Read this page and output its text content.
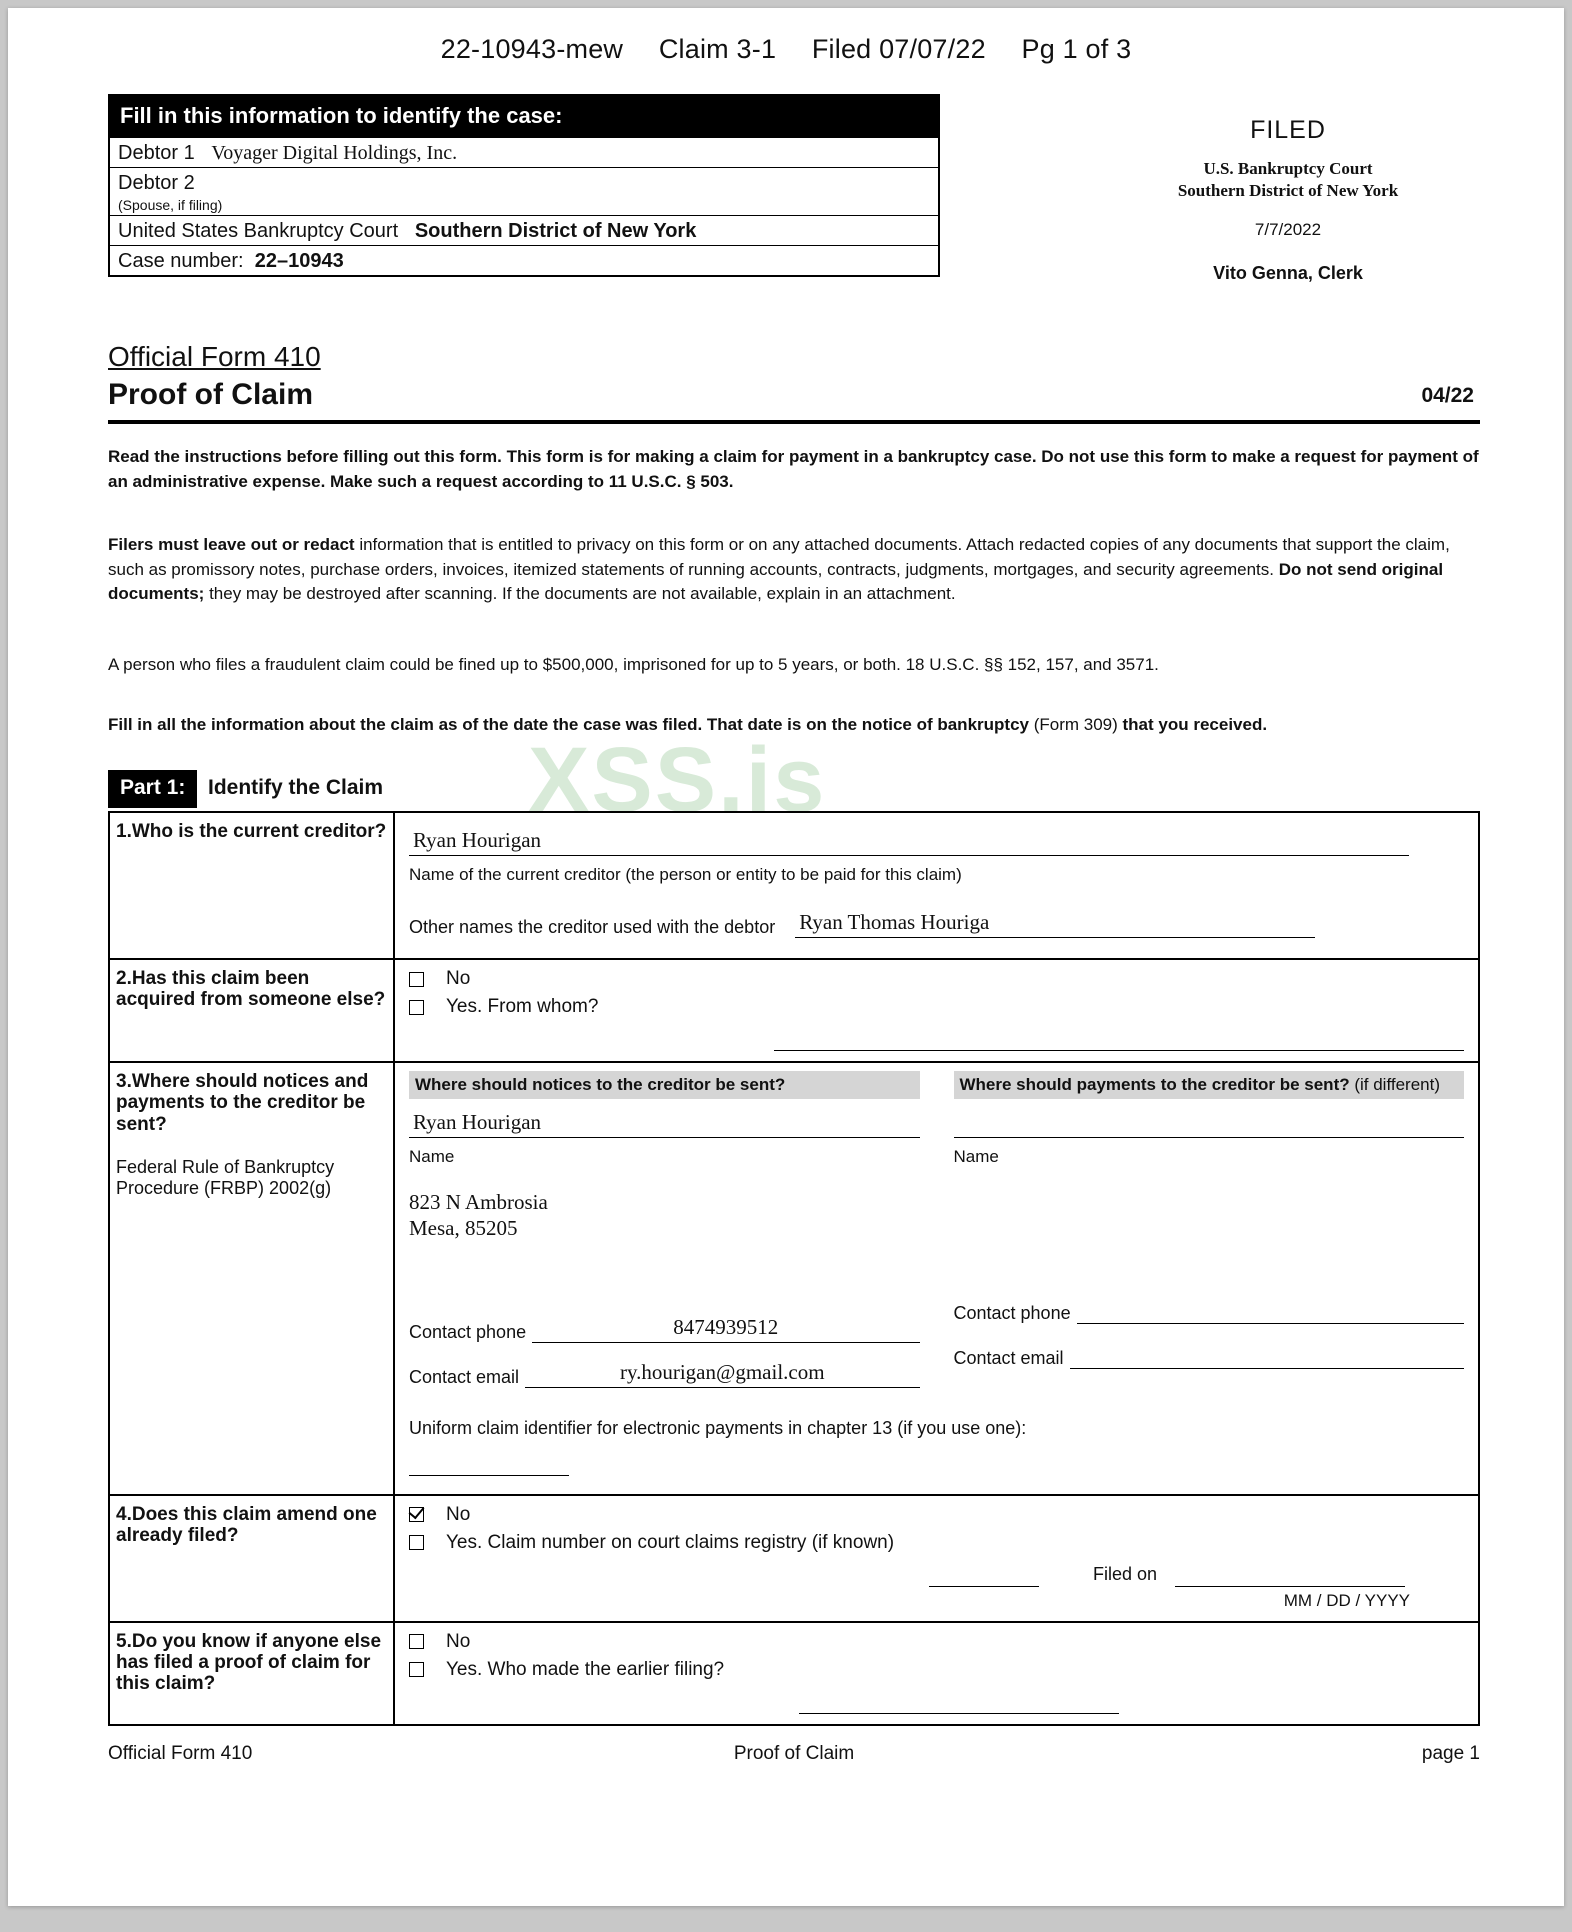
22-10943-mew Claim 3-1 Filed 07/07/22 Pg 1 of 3
Fill in this information to identify the case:
Debtor 1 Voyager Digital Holdings, Inc.
Debtor 2
(Spouse, if filing)
United States Bankruptcy Court Southern District of New York
Case number: 22–10943
FILED
U.S. Bankruptcy Court
Southern District of New York
7/7/2022
Vito Genna, Clerk
Official Form 410
Proof of Claim	04/22
Read the instructions before filling out this form. This form is for making a claim for payment in a bankruptcy case. Do not use this form to make a request for payment of an administrative expense. Make such a request according to 11 U.S.C. § 503.
Filers must leave out or redact information that is entitled to privacy on this form or on any attached documents. Attach redacted copies of any documents that support the claim, such as promissory notes, purchase orders, invoices, itemized statements of running accounts, contracts, judgments, mortgages, and security agreements. Do not send original documents; they may be destroyed after scanning. If the documents are not available, explain in an attachment.
A person who files a fraudulent claim could be fined up to $500,000, imprisoned for up to 5 years, or both. 18 U.S.C. §§ 152, 157, and 3571.
Fill in all the information about the claim as of the date the case was filed. That date is on the notice of bankruptcy (Form 309) that you received.
XSS.is
Part 1:	Identify the Claim
1.Who is the current creditor?	Ryan Hourigan
Name of the current creditor (the person or entity to be paid for this claim)
Other names the creditor used with the debtor Ryan Thomas Houriga
2.Has this claim been acquired from someone else?
No
Yes. From whom?
3.Where should notices and payments to the creditor be sent?
Federal Rule of Bankruptcy Procedure (FRBP) 2002(g)
Where should notices to the creditor be sent?
Ryan Hourigan
Name
823 N Ambrosia
Mesa, 85205
Contact phone	8474939512
Contact email	ry.hourigan@gmail.com
Where should payments to the creditor be sent? (if different)
Name
Contact phone
Contact email
Uniform claim identifier for electronic payments in chapter 13 (if you use one):
4.Does this claim amend one already filed?
No
Yes. Claim number on court claims registry (if known)
Filed on
MM / DD / YYYY
5.Do you know if anyone else has filed a proof of claim for this claim?
No
Yes. Who made the earlier filing?
Official Form 410	Proof of Claim	page 1
